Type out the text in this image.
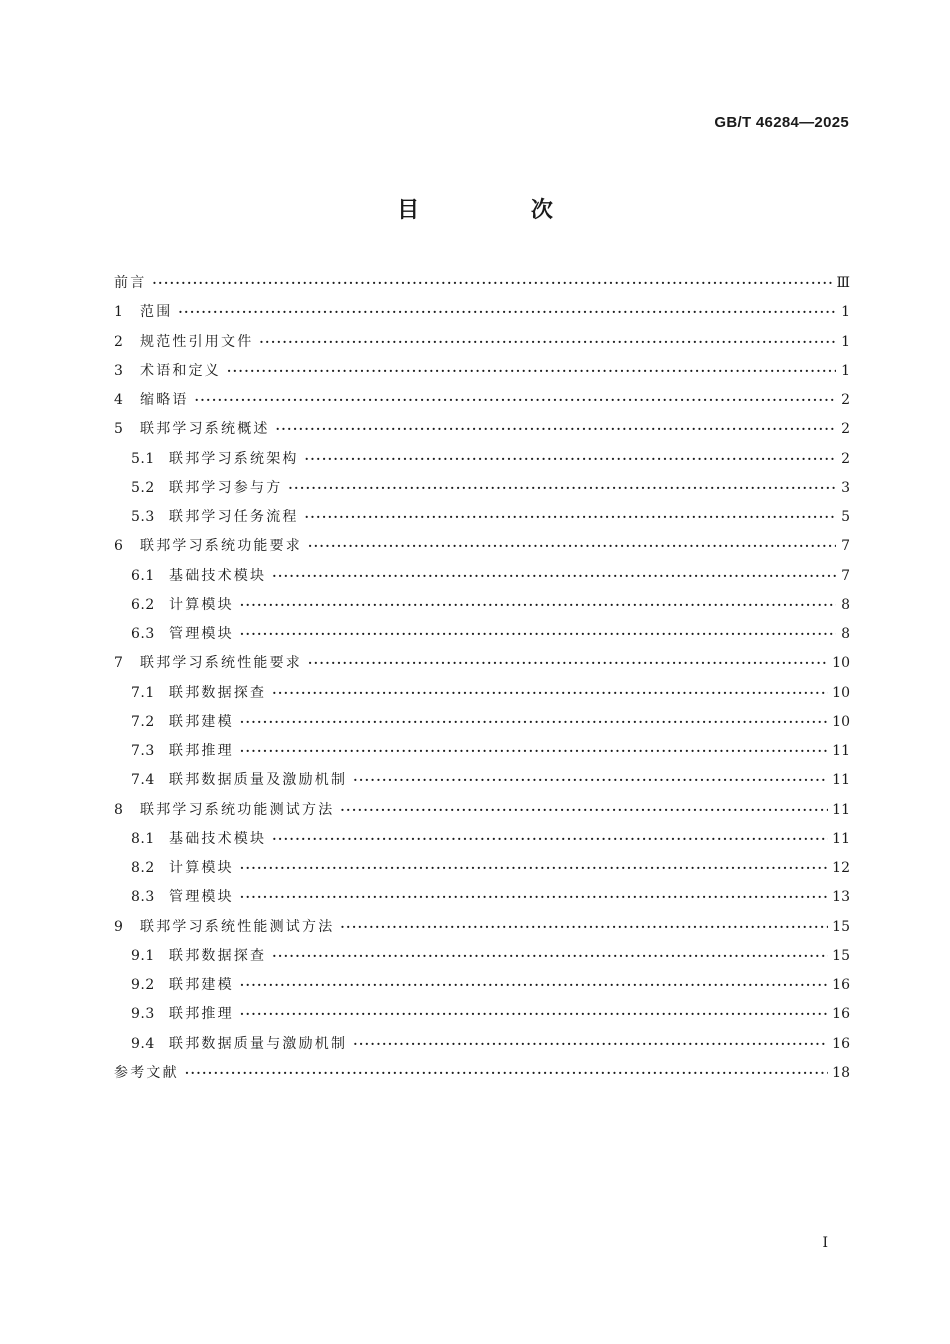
GB/T 46284—2025
目 次
前言 ·····	Ⅲ
1	范围 ·····	1
2	规范性引用文件 ·····	1
3	术语和定义 ·····	1
4	缩略语 ·····	2
5	联邦学习系统概述 ·····	2
5.1	联邦学习系统架构 ·····	2
5.2	联邦学习参与方 ·····	3
5.3	联邦学习任务流程 ·····	5
6	联邦学习系统功能要求 ·····	7
6.1	基础技术模块 ·····	7
6.2	计算模块 ·····	8
6.3	管理模块 ·····	8
7	联邦学习系统性能要求 ·····	10
7.1	联邦数据探查 ·····	10
7.2	联邦建模 ·····	10
7.3	联邦推理 ·····	11
7.4	联邦数据质量及激励机制 ·····	11
8	联邦学习系统功能测试方法 ·····	11
8.1	基础技术模块 ·····	11
8.2	计算模块 ·····	12
8.3	管理模块 ·····	13
9	联邦学习系统性能测试方法 ·····	15
9.1	联邦数据探查 ·····	15
9.2	联邦建模 ·····	16
9.3	联邦推理 ·····	16
9.4	联邦数据质量与激励机制 ·····	16
参考文献 ·····	18
I
